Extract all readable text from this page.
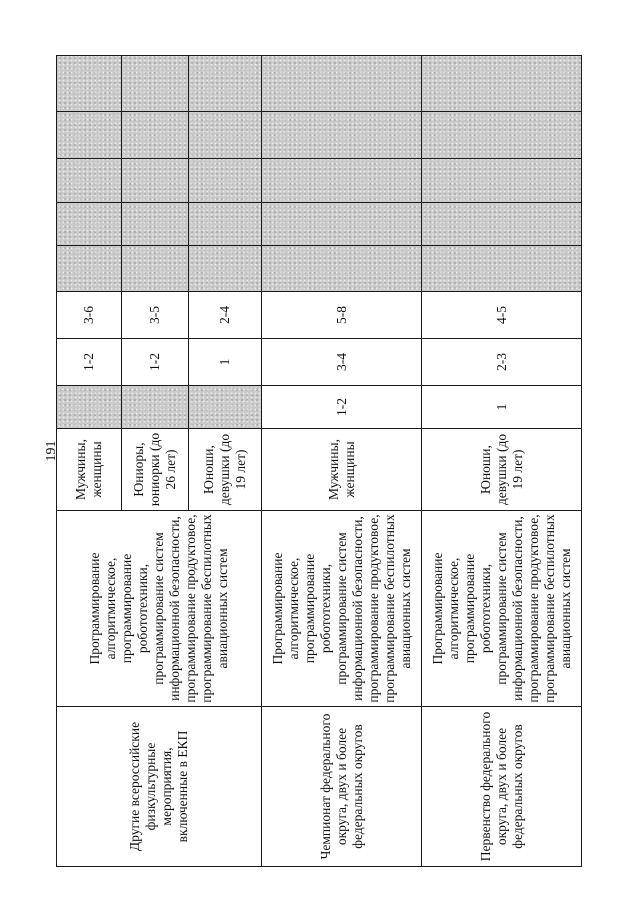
191
Другие всероссийские физкультурные мероприятия, включенные в ЕКП	Программирование алгоритмическое, программирование робототехники, программирование систем информационной безопасности, программирование продуктовое, программирование беспилотных авиационных систем	Мужчины, женщины		1-2	3-6					
		Юниоры, юниорки (до 26 лет)		1-2	3-5					
		Юноши, девушки (до 19 лет)		1	2-4					
Чемпионат федерального округа, двух и более федеральных округов	Программирование алгоритмическое, программирование робототехники, программирование систем информационной безопасности, программирование продуктовое, программирование беспилотных авиационных систем	Мужчины, женщины	1-2	3-4	5-8					
Первенство федерального округа, двух и более федеральных округов	Программирование алгоритмическое, программирование робототехники, программирование систем информационной безопасности, программирование продуктовое, программирование беспилотных авиационных систем	Юноши, девушки (до 19 лет)	1	2-3	4-5					
